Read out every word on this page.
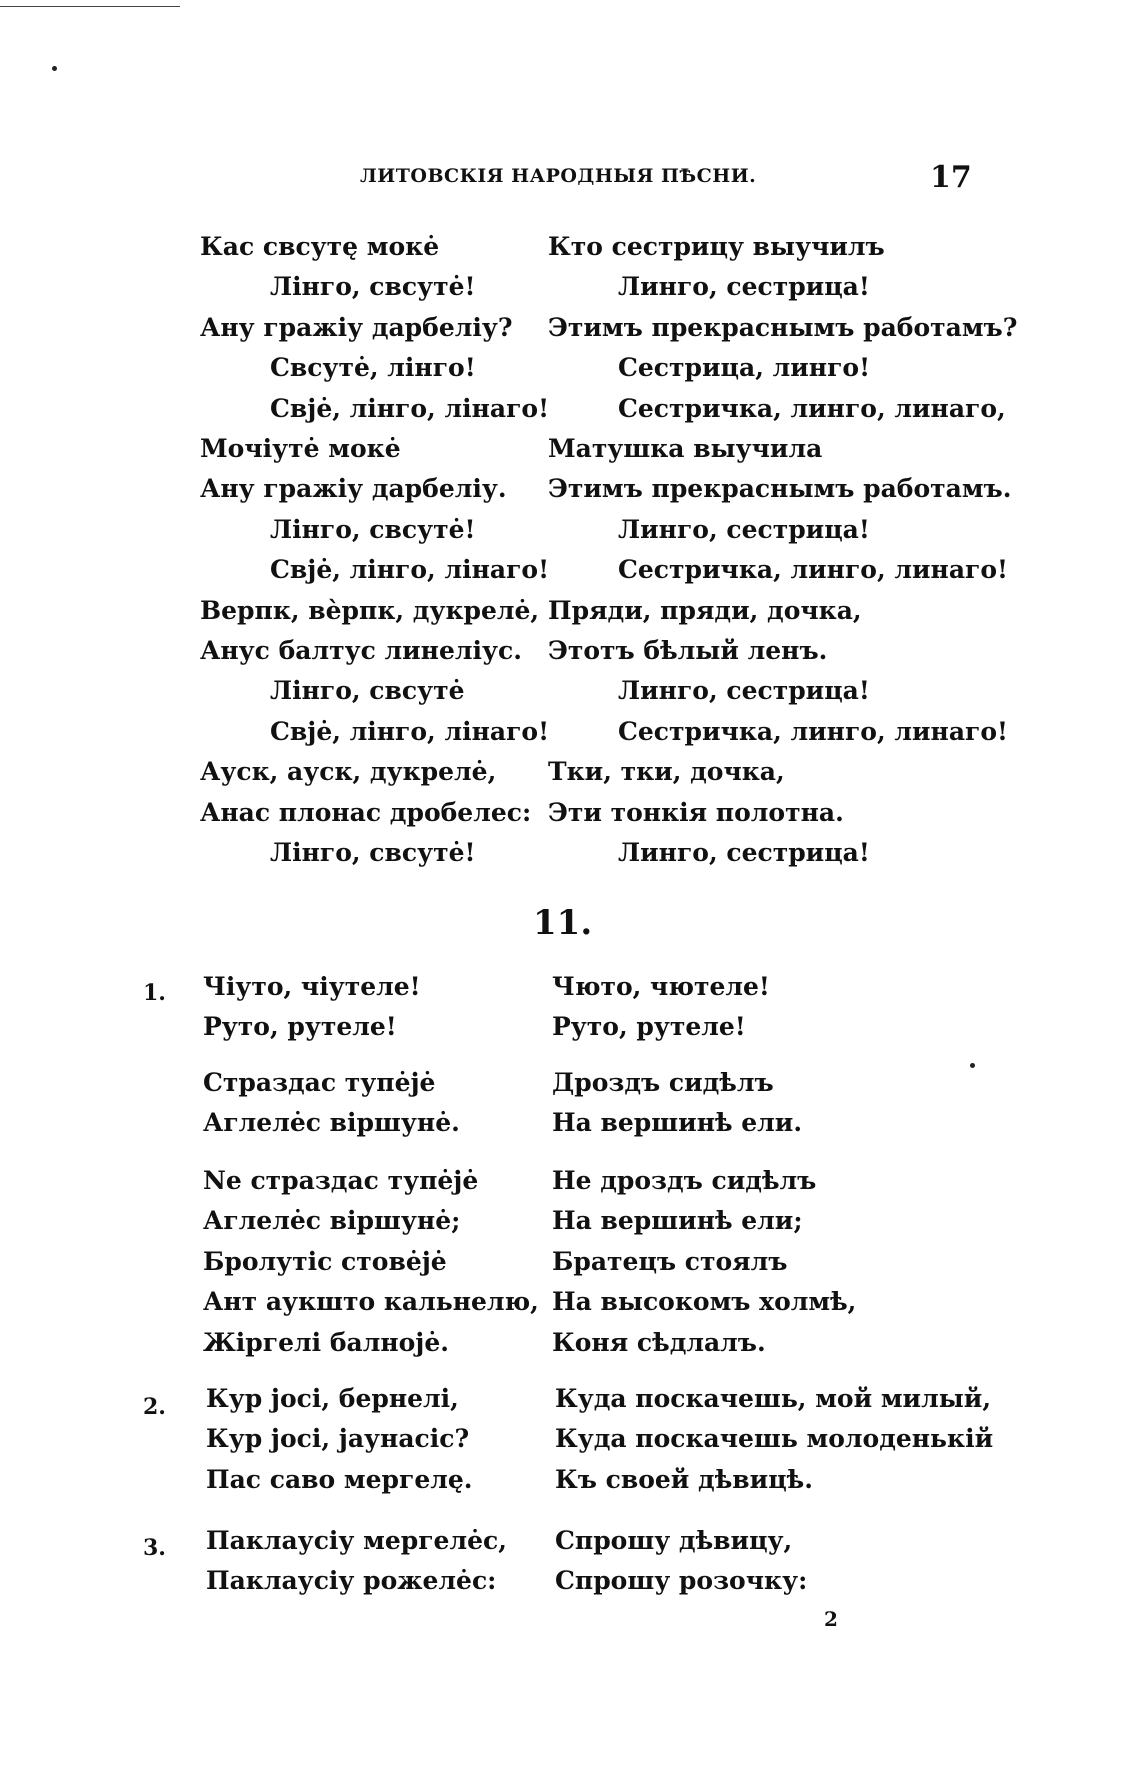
ЛИТОВСКІЯ НАРОДНЫЯ ПѢСНИ.	17
Кас свсутę мокė
Лінго, свсутė!
Ану гражіу дарбелiу?
Свсутė, лінго!
Свјė, лінго, лінаго!
Мочiутė мокė
Ану гражіу дарбелiу.
Лінго, свсутė!
Свјė, лінго, лінаго!
Верпк, вѐрпк, дукрелė,
Анус балтус линелiус.
Лінго, свсутė
Свјė, лінго, лінаго!
Ауск, ауск, дукрелė,
Анас плонас дробелес:
Лінго, свсутė!
Кто сестрицу выучилъ
Линго, сестрица!
Этимъ прекраснымъ работамъ?
Сестрица, линго!
Сестричка, линго, линаго,
Матушка выучила
Этимъ прекраснымъ работамъ.
Линго, сестрица!
Сестричка, линго, линаго!
Пряди, пряди, дочка,
Этотъ бѣлый ленъ.
Линго, сестрица!
Сестричка, линго, линаго!
Тки, тки, дочка,
Эти тонкія полотна.
Линго, сестрица!
11.
1.
2.
3.
Чiуто, чiутеле!
Руто, рутеле!
Чюто, чютеле!
Руто, рутеле!
Страздас тупėјė
Аглелėс віршунė.
Дроздъ сидѣлъ
На вершинѣ ели.
Ne страздас тупėјė
Аглелėс віршунė;
Бролутіс стовėјė
Ант аукшто кальнелю,
Жіргелі балнојė.
Не дроздъ сидѣлъ
На вершинѣ ели;
Братецъ стоялъ
На высокомъ холмѣ,
Коня сѣдлалъ.
Кур јосі, бернелі,
Кур јосі, јаунасіс?
Пас саво мергелę.
Куда поскачешь, мой милый,
Куда поскачешь молоденькій
Къ своей дѣвицѣ.
Паклаусiу мергелėс,
Паклаусiу рожелėс:
Спрошу дѣвицу,
Спрошу розочку:
2
